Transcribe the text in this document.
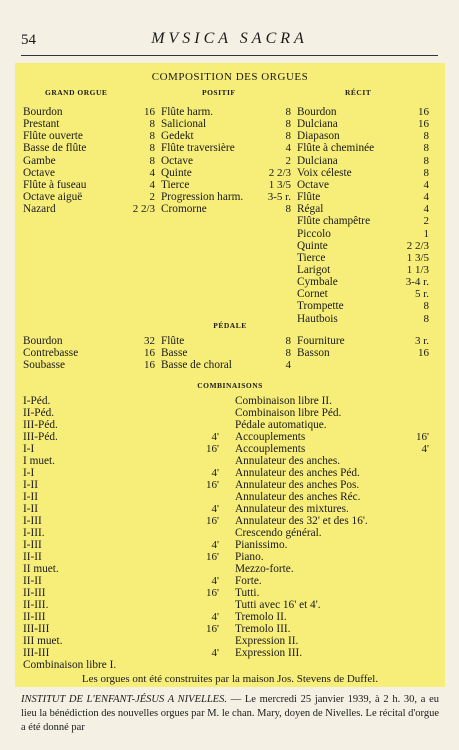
54	MVSICA SACRA
COMPOSITION DES ORGUES
GRAND ORGUE	POSITIF	RÉCIT
PÉDALE
COMBINAISONS
Les orgues ont été construites par la maison Jos. Stevens de Duffel.
Bourdon	16
Prestant	8
Flûte ouverte	8
Basse de flûte	8
Gambe	8
Octave	4
Flûte à fuseau	4
Octave aiguë	2
Nazard	2 2/3
Flûte harm.	8
Salicional	8
Gedekt	8
Flûte traversière	4
Octave	2
Quinte	2 2/3
Tierce	1 3/5
Progression harm. 3-5 r.
Cromorne	8
Bourdon	16
Dulciana	16
Diapason	8
Flûte à cheminée	8
Dulciana	8
Voix céleste	8
Octave	4
Flûte	4
Régal	4
Flûte champêtre	2
Piccolo	1
Quinte	2 2/3
Tierce	1 3/5
Larigot	1 1/3
Cymbale	3-4 r.
Cornet	5 r.
Trompette	8
Hautbois	8
Bourdon	32
Contrebasse	16
Soubasse	16
Flûte	8
Basse	8
Basse de choral	4
Fourniture	3 r.
Basson	16
I-Péd.	Combinaison libre II.
II-Péd.	Combinaison libre Péd.
III-Péd.	Pédale automatique.
III-Péd.	4' Accouplements	16'
I-I	16' Accouplements	4'
I muet.	Annulateur des anches.
I-I	4' Annulateur des anches Péd.
I-II	16' Annulateur des anches Pos.
I-II	Annulateur des anches Réc.
I-II	4' Annulateur des mixtures.
I-III	16' Annulateur des 32' et des 16'.
I-III.	Crescendo général.
I-III	4' Pianissimo.
II-II	16' Piano.
II muet.	Mezzo-forte.
II-II	4' Forte.
II-III	16' Tutti.
II-III.	Tutti avec 16' et 4'.
II-III	4' Tremolo II.
III-III	16' Tremolo III.
III muet.	Expression II.
III-III	4' Expression III.
Combinaison libre I.
INSTITUT DE L'ENFANT-JÉSUS A NIVELLES. — Le mercredi 25 janvier 1939, à 2 h. 30, a eu lieu la bénédiction des nouvelles orgues par M. le chan. Mary, doyen de Nivelles. Le récital d'orgue a été donné par
